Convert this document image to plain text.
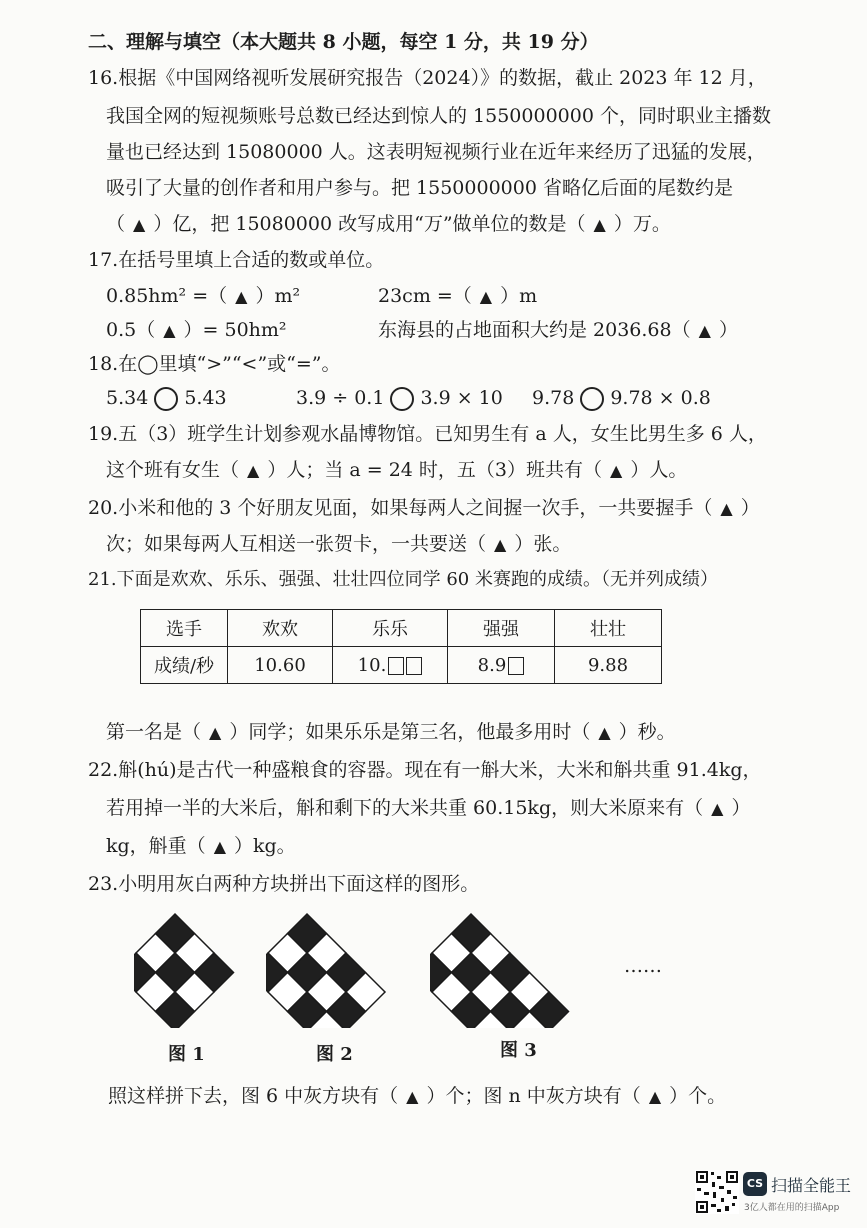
二、理解与填空（本大题共 8 小题，每空 1 分，共 19 分）
16.根据《中国网络视听发展研究报告（2024）》的数据，截止 2023 年 12 月，
我国全网的短视频账号总数已经达到惊人的 1550000000 个，同时职业主播数
量也已经达到 15080000 人。这表明短视频行业在近年来经历了迅猛的发展，
吸引了大量的创作者和用户参与。把 1550000000 省略亿后面的尾数约是
（ ▲ ）亿，把 15080000 改写成用“万”做单位的数是（ ▲ ）万。
17.在括号里填上合适的数或单位。
0.85hm² =（ ▲ ）m²	23cm =（ ▲ ）m
0.5（ ▲ ）= 50hm²	东海县的占地面积大约是 2036.68（ ▲ ）
18.在◯里填“>”“<”或“=”。
5.34 5.43	3.9 ÷ 0.1 3.9 × 10 9.78 9.78 × 0.8
19.五（3）班学生计划参观水晶博物馆。已知男生有 a 人，女生比男生多 6 人，
这个班有女生（ ▲ ）人；当 a = 24 时，五（3）班共有（ ▲ ）人。
20.小米和他的 3 个好朋友见面，如果每两人之间握一次手，一共要握手（ ▲ ）
次；如果每两人互相送一张贺卡，一共要送（ ▲ ）张。
21.下面是欢欢、乐乐、强强、壮壮四位同学 60 米赛跑的成绩。（无并列成绩）
选手	欢欢	乐乐	强强	壮壮
成绩/秒	10.60	10.	8.9	9.88
第一名是（ ▲ ）同学；如果乐乐是第三名，他最多用时（ ▲ ）秒。
22.斛(hú)是古代一种盛粮食的容器。现在有一斛大米，大米和斛共重 91.4kg，
若用掉一半的大米后，斛和剩下的大米共重 60.15kg，则大米原来有（ ▲ ）
kg，斛重（ ▲ ）kg。
23.小明用灰白两种方块拼出下面这样的图形。
……
图 1	图 2	图 3
照这样拼下去，图 6 中灰方块有（ ▲ ）个；图 n 中灰方块有（ ▲ ）个。
CS 扫描全能王
3亿人都在用的扫描App
